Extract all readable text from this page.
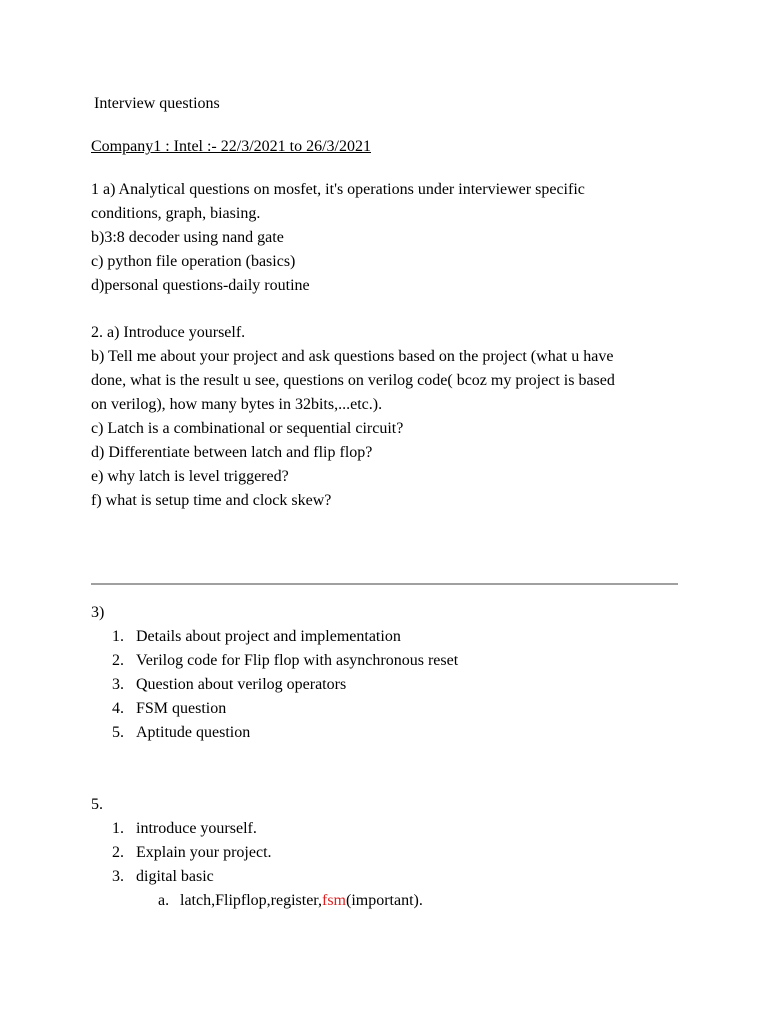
Interview questions
Company1 : Intel :- 22/3/2021 to 26/3/2021
1 a) Analytical questions on mosfet, it's operations under interviewer specific
conditions, graph, biasing.
b)3:8 decoder using nand gate
c) python file operation (basics)
d)personal questions-daily routine
2. a) Introduce yourself.
b) Tell me about your project and ask questions based on the project (what u have
done, what is the result u see, questions on verilog code( bcoz my project is based
on verilog), how many bytes in 32bits,...etc.).
c) Latch is a combinational or sequential circuit?
d) Differentiate between latch and flip flop?
e) why latch is level triggered?
f) what is setup time and clock skew?
3)
1. Details about project and implementation
2. Verilog code for Flip flop with asynchronous reset
3. Question about verilog operators
4. FSM question
5. Aptitude question
5.
1. introduce yourself.
2. Explain your project.
3. digital basic
a. latch,Flipflop,register,fsm(important).
